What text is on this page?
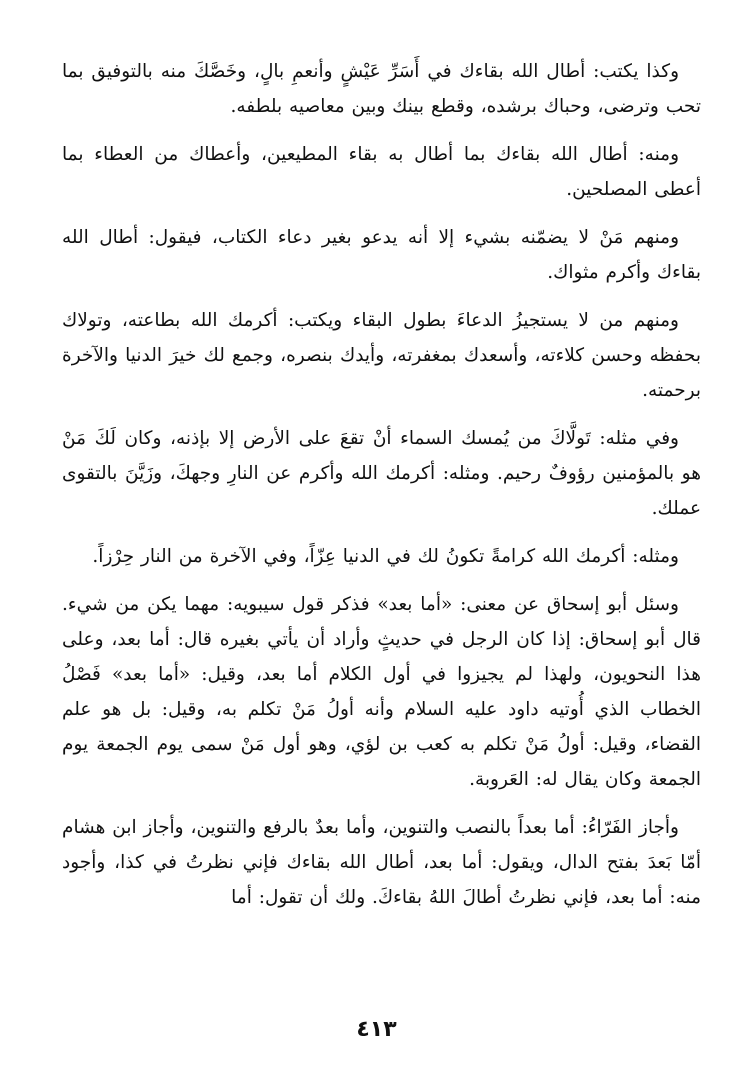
وكذا يكتب: أطال الله بقاءك في أَسَرِّ عَيْشٍ وأنعمِ بالٍ، وخَصَّكَ منه بالتوفيق بما تحب وترضى، وحباك برشده، وقطع بينك وبين معاصيه بلطفه.

ومنه: أطال الله بقاءك بما أطال به بقاء المطيعين، وأعطاك من العطاء بما أعطى المصلحين.

ومنهم مَنْ لا يضمّنه بشيء إلا أنه يدعو بغير دعاء الكتاب، فيقول: أطال الله بقاءك وأكرم مثواك.

ومنهم من لا يستجيزُ الدعاءَ بطول البقاء ويكتب: أكرمك الله بطاعته، وتولاك بحفظه وحسن كلاءته، وأسعدك بمغفرته، وأيدك بنصره، وجمع لك خيرَ الدنيا والآخرة برحمته.

وفي مثله: تَولَّاكَ من يُمسك السماء أنْ تقعَ على الأرض إلا بإذنه، وكان لَكَ مَنْ هو بالمؤمنين رؤوفٌ رحيم. ومثله: أكرمك الله وأكرم عن النارِ وجهكَ، وزَيَّنَ بالتقوى عملك.

ومثله: أكرمك الله كرامةً تكونُ لك في الدنيا عِزّاً، وفي الآخرة من النار حِرْزاً.

وسئل أبو إسحاق عن معنى: «أما بعد» فذكر قول سيبويه: مهما يكن من شيء. قال أبو إسحاق: إذا كان الرجل في حديثٍ وأراد أن يأتي بغيره قال: أما بعد، وعلى هذا النحويون، ولهذا لم يجيزوا في أول الكلام أما بعد، وقيل: «أما بعد» فَصْلُ الخطاب الذي أُوتيه داود عليه السلام وأنه أولُ مَنْ تكلم به، وقيل: بل هو علم القضاء، وقيل: أولُ مَنْ تكلم به كعب بن لؤي، وهو أول مَنْ سمى يوم الجمعة يوم الجمعة وكان يقال له: العَروبة.

وأجاز الفَرّاءُ: أما بعداً بالنصب والتنوين، وأما بعدٌ بالرفع والتنوين، وأجاز ابن هشام أمّا بَعدَ بفتح الدال، ويقول: أما بعد، أطال الله بقاءك فإني نظرتُ في كذا، وأجود منه: أما بعد، فإني نظرتُ أطالَ اللهُ بقاءكَ. ولك أن تقول: أما

٤١٣
